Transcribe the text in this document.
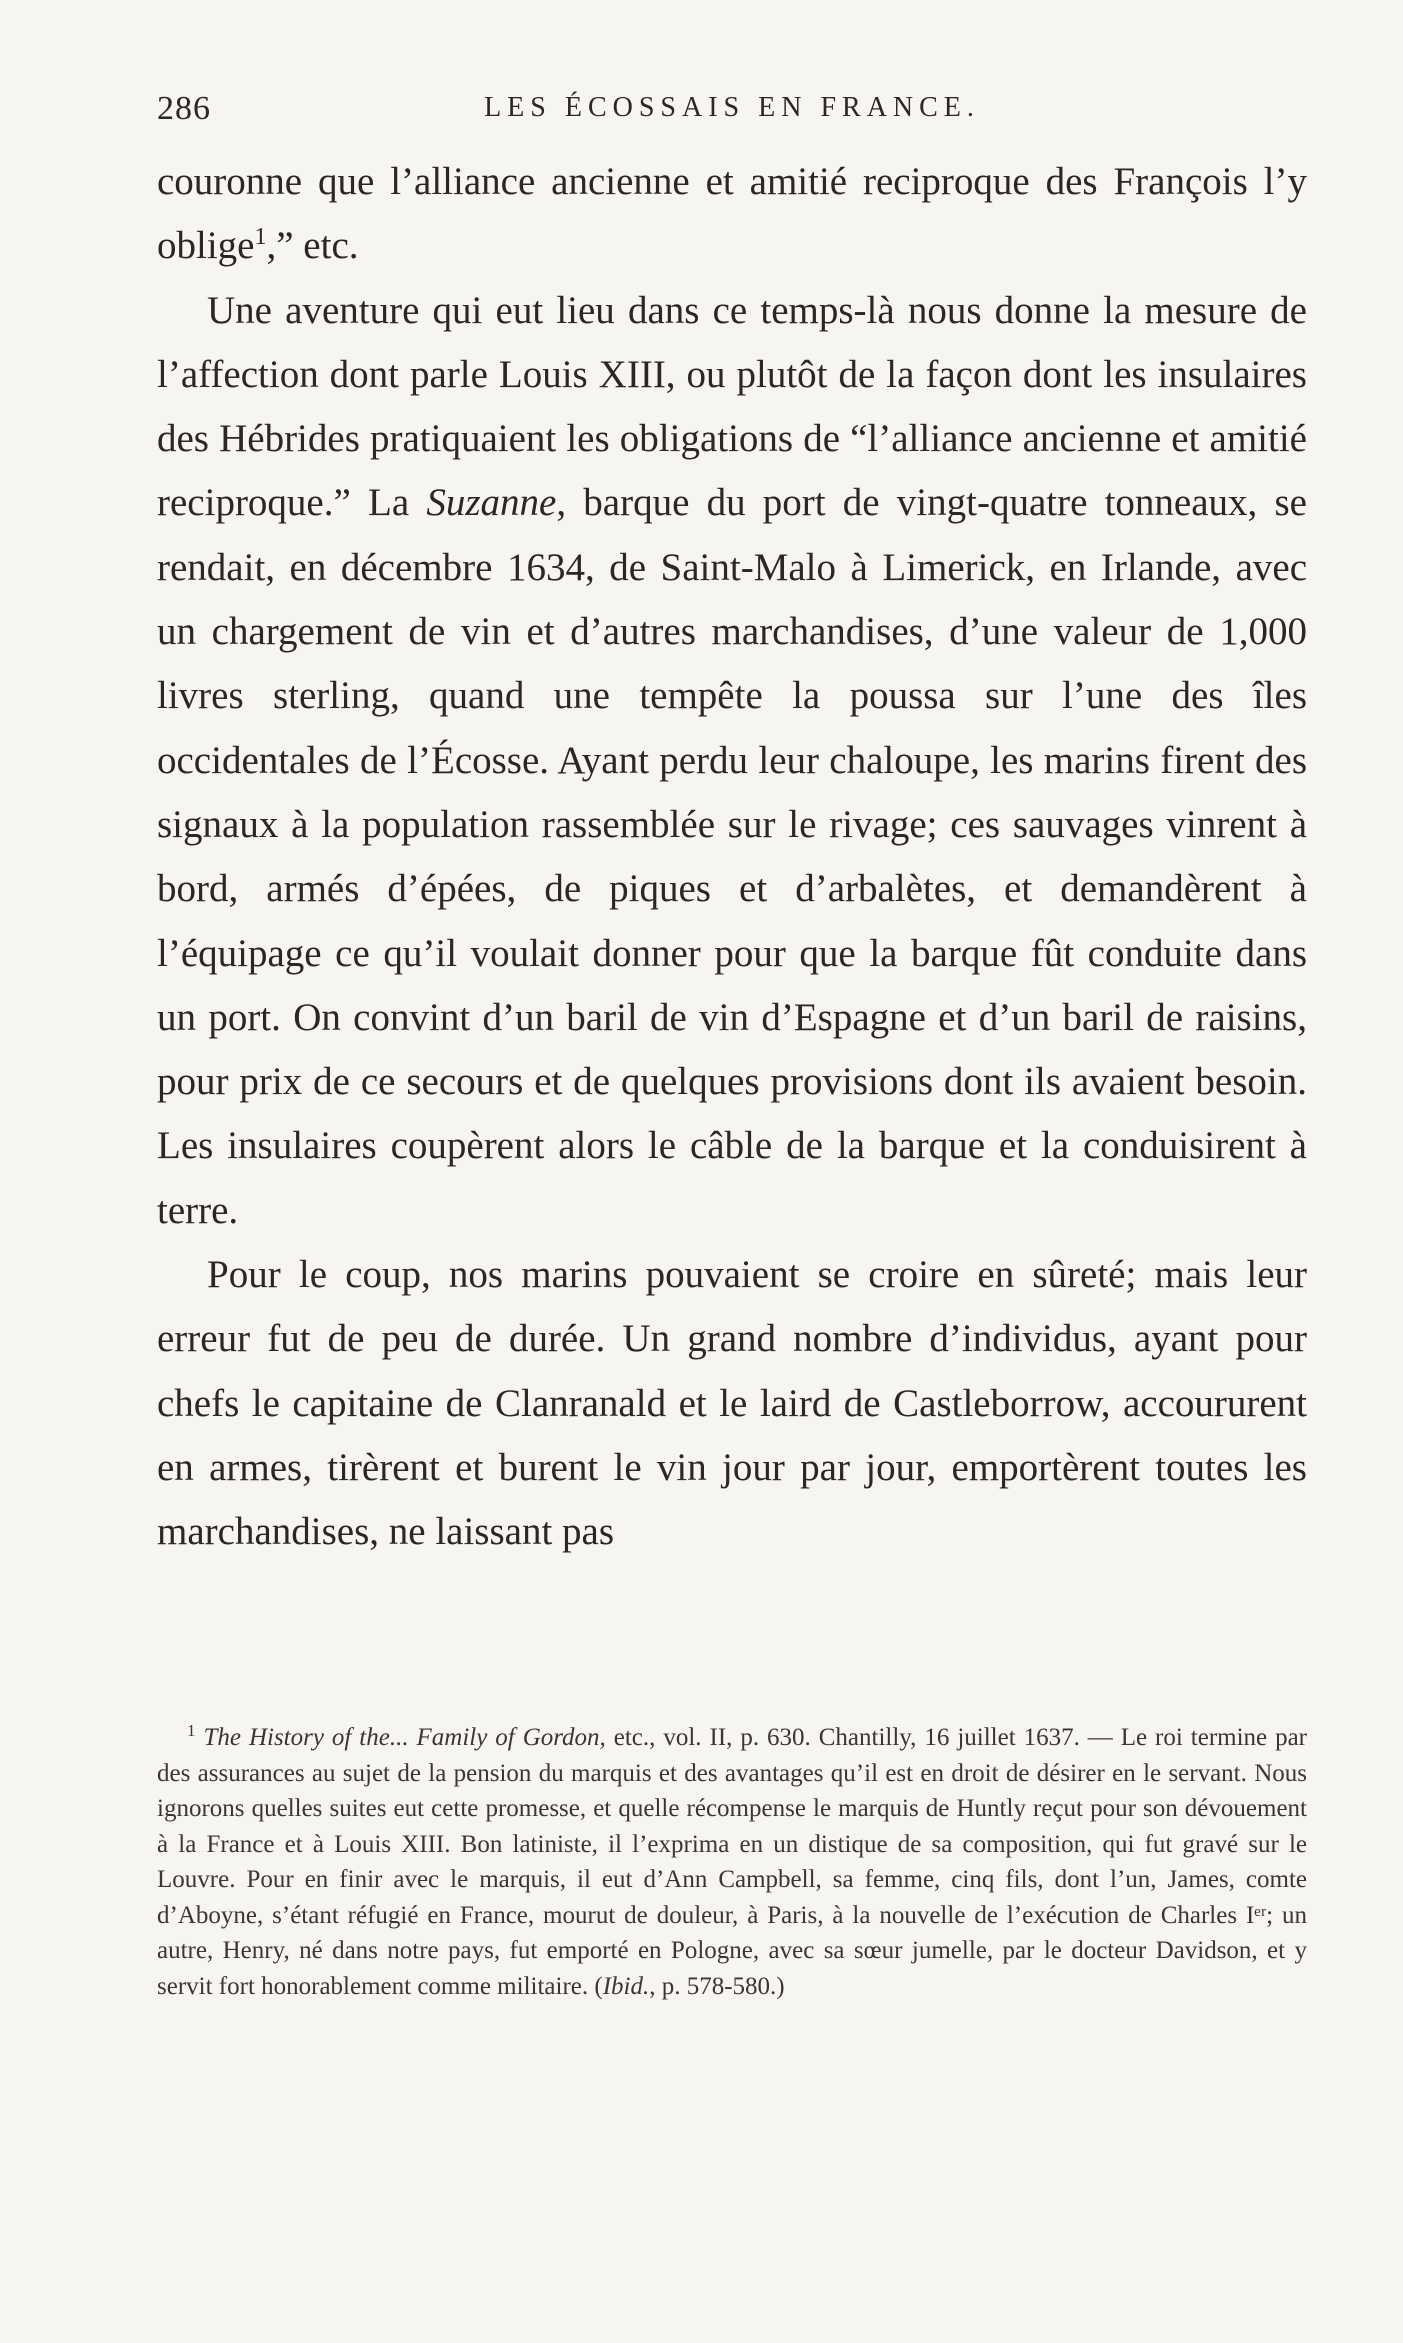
286	LES ÉCOSSAIS EN FRANCE.

couronne que l’alliance ancienne et amitié reciproque des François l’y oblige$^1$,” etc.

Une aventure qui eut lieu dans ce temps-là nous donne la mesure de l’affection dont parle Louis XIII, ou plutôt de la façon dont les insulaires des Hébrides pratiquaient les obligations de “l’alliance ancienne et amitié reciproque.” La Suzanne, barque du port de vingt-quatre tonneaux, se rendait, en décembre 1634, de Saint-Malo à Limerick, en Irlande, avec un chargement de vin et d’autres marchandises, d’une valeur de 1,000 livres sterling, quand une tempête la poussa sur l’une des îles occidentales de l’Écosse. Ayant perdu leur chaloupe, les marins firent des signaux à la population rassemblée sur le rivage; ces sauvages vinrent à bord, armés d’épées, de piques et d’arbalètes, et demandèrent à l’équipage ce qu’il voulait donner pour que la barque fût conduite dans un port. On convint d’un baril de vin d’Espagne et d’un baril de raisins, pour prix de ce secours et de quelques provisions dont ils avaient besoin. Les insulaires coupèrent alors le câble de la barque et la conduisirent à terre.

Pour le coup, nos marins pouvaient se croire en sûreté; mais leur erreur fut de peu de durée. Un grand nombre d’individus, ayant pour chefs le capitaine de Clanranald et le laird de Castleborrow, accoururent en armes, tirèrent et burent le vin jour par jour, emportèrent toutes les marchandises, ne laissant pas

$^1$ The History of the... Family of Gordon, etc., vol. II, p. 630. Chantilly, 16 juillet 1637. — Le roi termine par des assurances au sujet de la pension du marquis et des avantages qu’il est en droit de désirer en le servant. Nous ignorons quelles suites eut cette promesse, et quelle récompense le marquis de Huntly reçut pour son dévouement à la France et à Louis XIII. Bon latiniste, il l’exprima en un distique de sa composition, qui fut gravé sur le Louvre. Pour en finir avec le marquis, il eut d’Ann Campbell, sa femme, cinq fils, dont l’un, James, comte d’Aboyne, s’étant réfugié en France, mourut de douleur, à Paris, à la nouvelle de l’exécution de Charles Iᵉʳ; un autre, Henry, né dans notre pays, fut emporté en Pologne, avec sa sœur jumelle, par le docteur Davidson, et y servit fort honorablement comme militaire. (Ibid., p. 578-580.)
